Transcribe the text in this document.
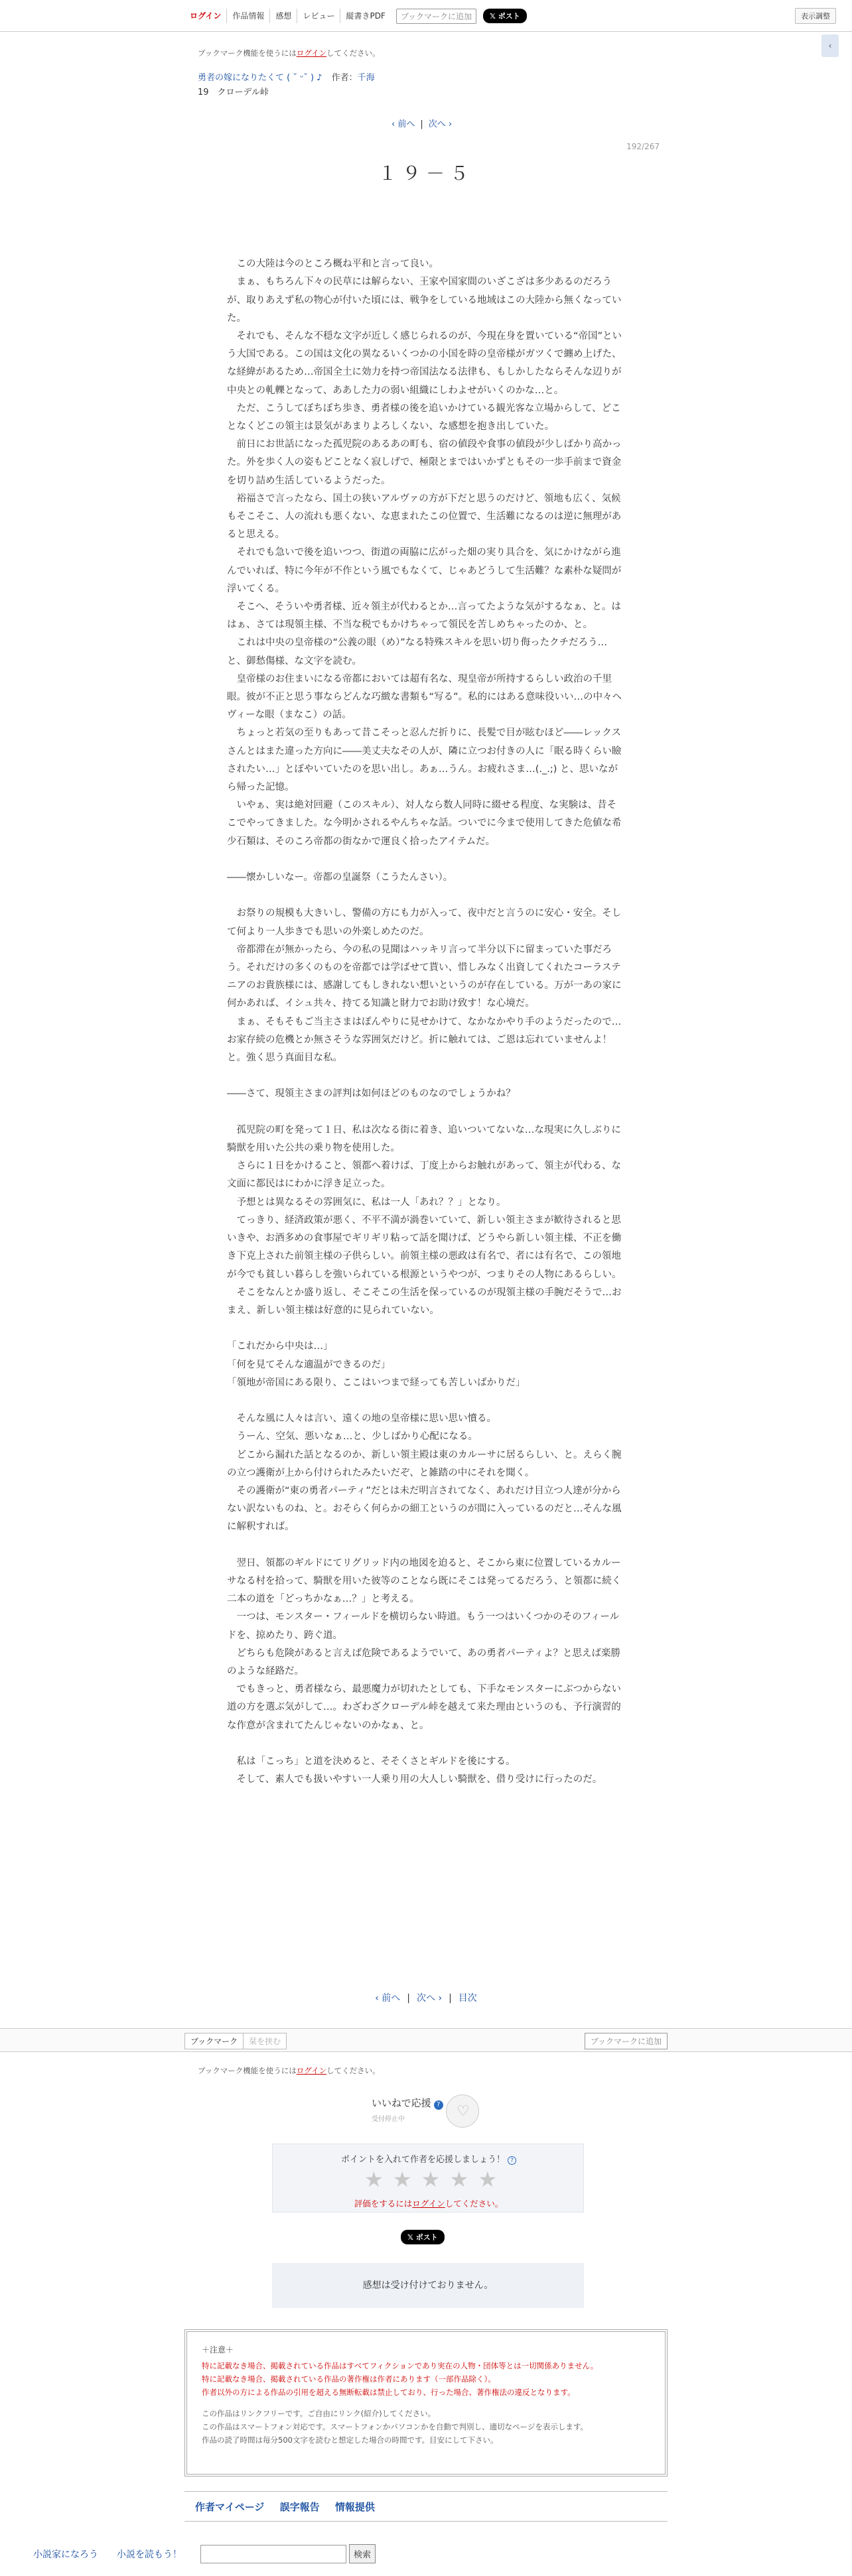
ログイン	作品情報	感想	レビュー	縦書きPDF	ブックマークに追加	𝕏 ポスト	表示調整
‹
ブックマーク機能を使うにはログインしてください。
勇者の嫁になりたくて ( ˘ ᵕ˘ ) ♪ 作者：千海
19　クローデル峠
‹ 前へ | 次へ ›
192/267
１９－５

　この大陸は今のところ概ね平和と言って良い。

　まぁ、もちろん下々の民草には解らない、王家や国家間のいざこざは多少あるのだろうが、取りあえず私の物心が付いた頃には、戦争をしている地域はこの大陸から無くなっていた。

　それでも、そんな不穏な文字が近しく感じられるのが、今現在身を置いている“帝国”という大国である。この国は文化の異なるいくつかの小国を時の皇帝様がガツくで纏め上げた、な経緯があるため…帝国全土に効力を持つ帝国法なる法律も、もしかしたならそんな辺りが中央との軋轢となって、ああした力の弱い組織にしわよせがいくのかな…と。

　ただ、こうしてぼちぼち歩き、勇者様の後を追いかけている観光客な立場からして、どことなくどこの領主は景気があまりよろしくない、な感想を抱き出していた。

　前日にお世話になった孤児院のあるあの町も、宿の値段や食事の値段が少しばかり高かった。外を歩く人の姿もどことなく寂しげで、極限とまではいかずともその一歩手前まで資金を切り詰め生活しているようだった。

　裕福さで言ったなら、国土の狭いアルヴァの方が下だと思うのだけど、領地も広く、気候もそこそこ、人の流れも悪くない、な恵まれたこの位置で、生活難になるのは逆に無理があると思える。

　それでも急いで後を追いつつ、街道の両脇に広がった畑の実り具合を、気にかけながら進んでいれば、特に今年が不作という風でもなくて、じゃあどうして生活難？な素朴な疑問が浮いてくる。

　そこへ、そういや勇者様、近々領主が代わるとか…言ってたような気がするなぁ、と。ははぁ、さては現領主様、不当な税でもかけちゃって領民を苦しめちゃったのか、と。

　これは中央の皇帝様の“公義の眼（め）”なる特殊スキルを思い切り侮ったクチだろう…と、御愁傷様、な文字を読む。

　皇帝様のお住まいになる帝都においては超有名な、現皇帝が所持するらしい政治の千里眼。彼が不正と思う事ならどんな巧緻な書類も“写る”。私的にはある意味役いい…の中々ヘヴィーな眼（まなこ）の話。

　ちょっと若気の至りもあって昔こそっと忍んだ折りに、長髪で目が眩むほど――レックスさんとはまた違った方向に――美丈夫なその人が、隣に立つお付きの人に「眠る時くらい瞼されたい…」とぼやいていたのを思い出し。あぁ…うん。お疲れさま…(._.;) と、思いながら帰った記憶。

　いやぁ、実は絶対回避（このスキル）、対人なら数人同時に綴せる程度、な実験は、昔そこでやってきました。な今明かされるやんちゃな話。ついでに今まで使用してきた危値な希少石類は、そのころ帝都の街なかで運良く拾ったアイテムだ。

――懐かしいなー。帝都の皇誕祭（こうたんさい）。

　お祭りの規模も大きいし、警備の方にも力が入って、夜中だと言うのに安心・安全。そして何より一人歩きでも思いの外楽しめたのだ。

　帝都滞在が無かったら、今の私の見聞はハッキリ言って半分以下に留まっていた事だろう。それだけの多くのものを帝都では学ばせて貰い、惜しみなく出資してくれたコーラステニアのお貴族様には、感謝してもしきれない想いというのが存在している。万が一あの家に何かあれば、イシュ共々、持てる知識と財力でお助け致す！な心境だ。

　まぁ、そもそもご当主さまはぽんやりに見せかけて、なかなかやり手のようだったので…お家存続の危機とか無さそうな雰囲気だけど。折に触れては、ご恩は忘れていませんよ！と。強く思う真面目な私。

――さて、現領主さまの評判は如何ほどのものなのでしょうかね？

　孤児院の町を発って１日、私は次なる街に着き、追いついてないな…な現実に久しぶりに騎獣を用いた公共の乗り物を使用した。

　さらに１日をかけること、領都へ着けば、丁度上からお触れがあって、領主が代わる、な文面に都民はにわかに浮き足立った。

　予想とは異なるその雰囲気に、私は一人「あれ？？」となり。

　てっきり、経済政策が悪く、不平不満が渦巻いていて、新しい領主さまが歓待されると思いきや、お酒多めの食事屋でギリギリ粘って話を聞けば、どうやら新しい領主様、不正を働き下克上された前領主様の子供らしい。前領主様の悪政は有名で、者には有名で、この領地が今でも貧しい暮らしを強いられている根源というやつが、つまりその人物にあるらしい。

　そこをなんとか盛り返し、そこそこの生活を保っているのが現領主様の手腕だそうで…おまえ、新しい領主様は好意的に見られていない。

「これだから中央は…」

「何を見てそんな適温ができるのだ」

「領地が帝国にある限り、ここはいつまで経っても苦しいばかりだ」

　そんな風に人々は言い、遠くの地の皇帝様に思い思い憤る。

　うーん、空気、悪いなぁ…と、少しばかり心配になる。

　どこから漏れた話となるのか、新しい領主殿は東のカルーサに居るらしい、と。えらく腕の立つ護衛が上から付けられたみたいだぞ、と雑踏の中にそれを聞く。

　その護衛が“東の勇者パーティ”だとは未だ明言されてなく、あれだけ目立つ人達が分からない訳ないものね、と。おそらく何らかの細工というのが間に入っているのだと…そんな風に解釈すれば。

　翌日、領都のギルドにてリグリッド内の地図を迫ると、そこから東に位置しているカルーサなる村を拾って、騎獣を用いた彼等のことなら既にそこは発ってるだろう、と領都に続く二本の道を「どっちかなぁ…？」と考える。

　一つは、モンスター・フィールドを横切らない時道。もう一つはいくつかのそのフィールドを、掠めたり、跨ぐ道。

　どちらも危険があると言えば危険であるようでいて、あの勇者パーティよ？と思えば楽勝のような経路だ。

　でもきっと、勇者様なら、最悪魔力が切れたとしても、下手なモンスターにぶつからない道の方を選ぶ気がして…。わざわざクローデル峠を越えて来た理由というのも、予行演習的な作意が含まれてたんじゃないのかなぁ、と。

　私は「こっち」と道を決めると、そそくさとギルドを後にする。

　そして、素人でも扱いやすい一人乗り用の大人しい騎獣を、借り受けに行ったのだ。

‹ 前へ | 次へ › | 目次
ブックマーク	栞を挟む	ブックマークに追加
ブックマーク機能を使うにはログインしてください。
いいねで応援 ?
受付停止中
♡
ポイントを入れて作者を応援しましょう！ ?
★ ★ ★ ★ ★
評価をするにはログインしてください。
𝕏 ポスト
感想は受け付けておりません。
＋注意＋
特に記載なき場合、掲載されている作品はすべてフィクションであり実在の人物・団体等とは一切関係ありません。
特に記載なき場合、掲載されている作品の著作権は作者にあります（一部作品除く）。
作者以外の方による作品の引用を超える無断転載は禁止しており、行った場合、著作権法の違反となります。
この作品はリンクフリーです。ご自由にリンク(紹介)してください。
この作品はスマートフォン対応です。スマートフォンかパソコンかを自動で判別し、適切なページを表示します。
作品の読了時間は毎分500文字を読むと想定した場合の時間です。目安にして下さい。
作者マイページ 誤字報告 情報提供
小説家になろう 小説を読もう！	検索
